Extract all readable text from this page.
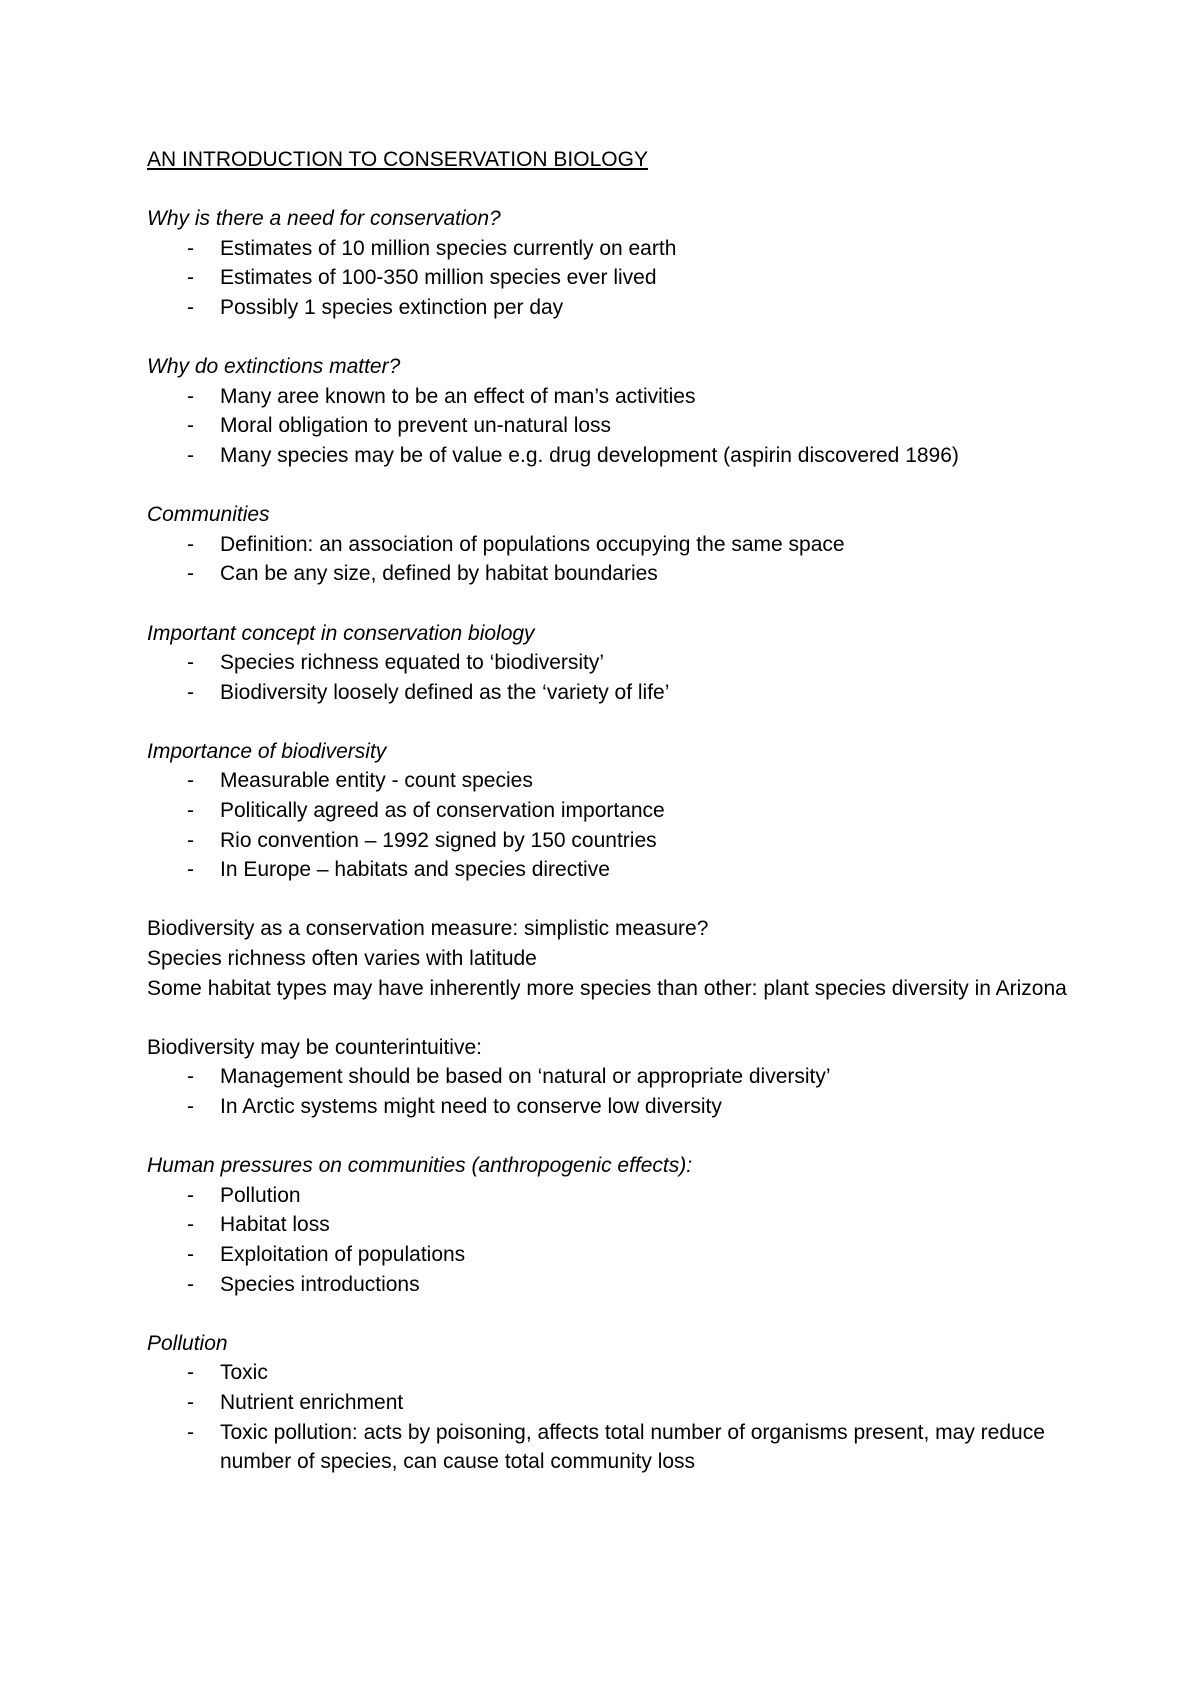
AN INTRODUCTION TO CONSERVATION BIOLOGY

Why is there a need for conservation?
- Estimates of 10 million species currently on earth
- Estimates of 100-350 million species ever lived
- Possibly 1 species extinction per day
Why do extinctions matter?
- Many aree known to be an effect of man’s activities
- Moral obligation to prevent un-natural loss
- Many species may be of value e.g. drug development (aspirin discovered 1896)
Communities
- Definition: an association of populations occupying the same space
- Can be any size, defined by habitat boundaries
Important concept in conservation biology
- Species richness equated to ‘biodiversity’
- Biodiversity loosely defined as the ‘variety of life’
Importance of biodiversity
- Measurable entity - count species
- Politically agreed as of conservation importance
- Rio convention – 1992 signed by 150 countries
- In Europe – habitats and species directive
Biodiversity as a conservation measure: simplistic measure?
Species richness often varies with latitude
Some habitat types may have inherently more species than other: plant species diversity in Arizona
Biodiversity may be counterintuitive:
- Management should be based on ‘natural or appropriate diversity’
- In Arctic systems might need to conserve low diversity
Human pressures on communities (anthropogenic effects):
- Pollution
- Habitat loss
- Exploitation of populations
- Species introductions
Pollution
- Toxic
- Nutrient enrichment
- Toxic pollution: acts by poisoning, affects total number of organisms present, may reduce number of species, can cause total community loss
